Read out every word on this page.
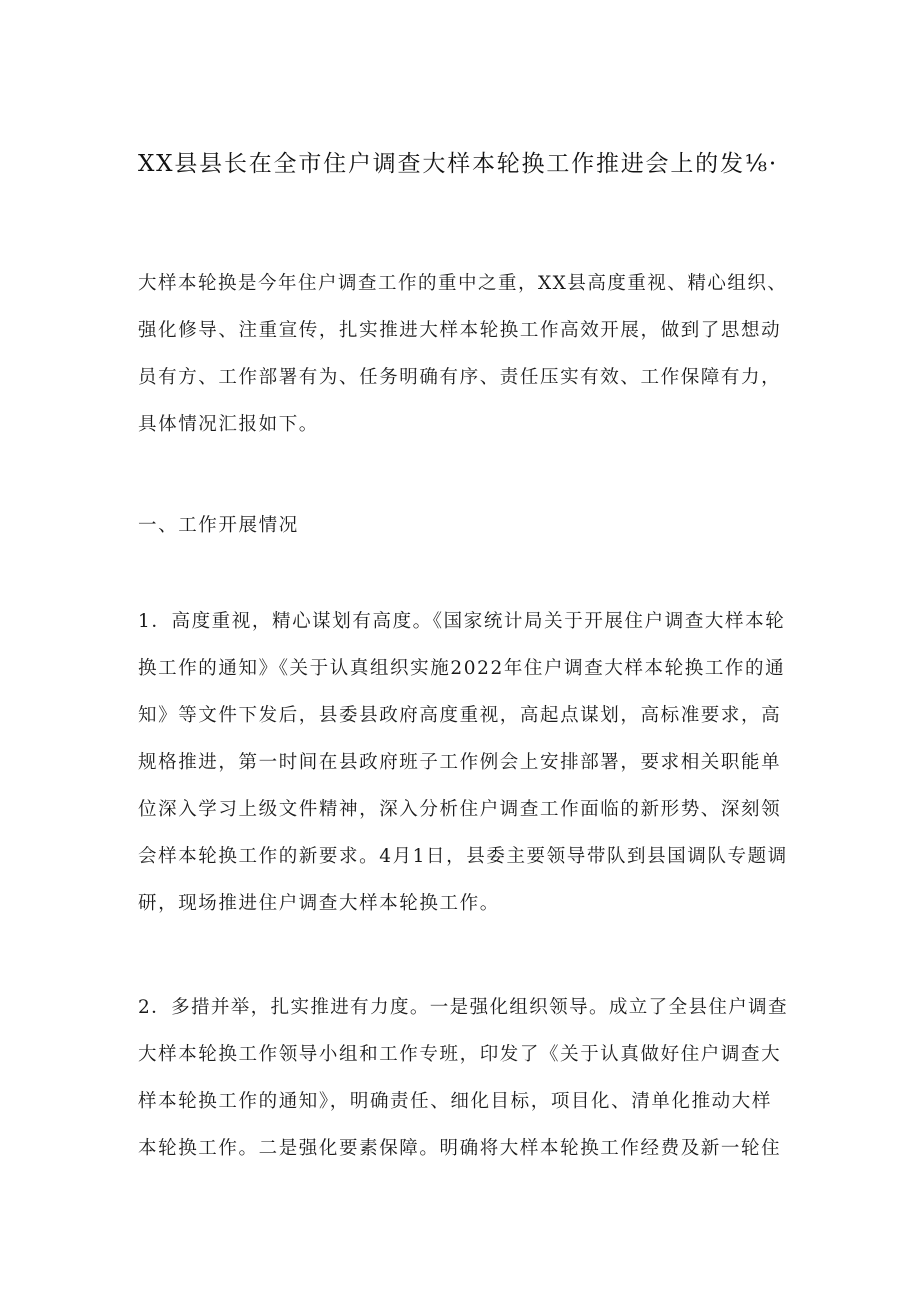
XX县县长在全市住户调查大样本轮换工作推进会上的发⅛·
大样本轮换是今年住户调查工作的重中之重，XX县高度重视、精心组织、
强化修导、注重宣传，扎实推进大样本轮换工作高效开展，做到了思想动
员有方、工作部署有为、任务明确有序、责任压实有效、工作保障有力，
具体情况汇报如下。
一、工作开展情况
1．高度重视，精心谋划有高度。《国家统计局关于开展住户调查大样本轮
换工作的通知》《关于认真组织实施2022年住户调查大样本轮换工作的通
知》等文件下发后，县委县政府高度重视，高起点谋划，高标准要求，高
规格推进，第一时间在县政府班子工作例会上安排部署，要求相关职能单
位深入学习上级文件精神，深入分析住户调查工作面临的新形势、深刻领
会样本轮换工作的新要求。4月1日，县委主要领导带队到县国调队专题调
研，现场推进住户调查大样本轮换工作。
2．多措并举，扎实推进有力度。一是强化组织领导。成立了全县住户调查
大样本轮换工作领导小组和工作专班，印发了《关于认真做好住户调查大
样本轮换工作的通知》，明确责任、细化目标，项目化、清单化推动大样
本轮换工作。二是强化要素保障。明确将大样本轮换工作经费及新一轮住
